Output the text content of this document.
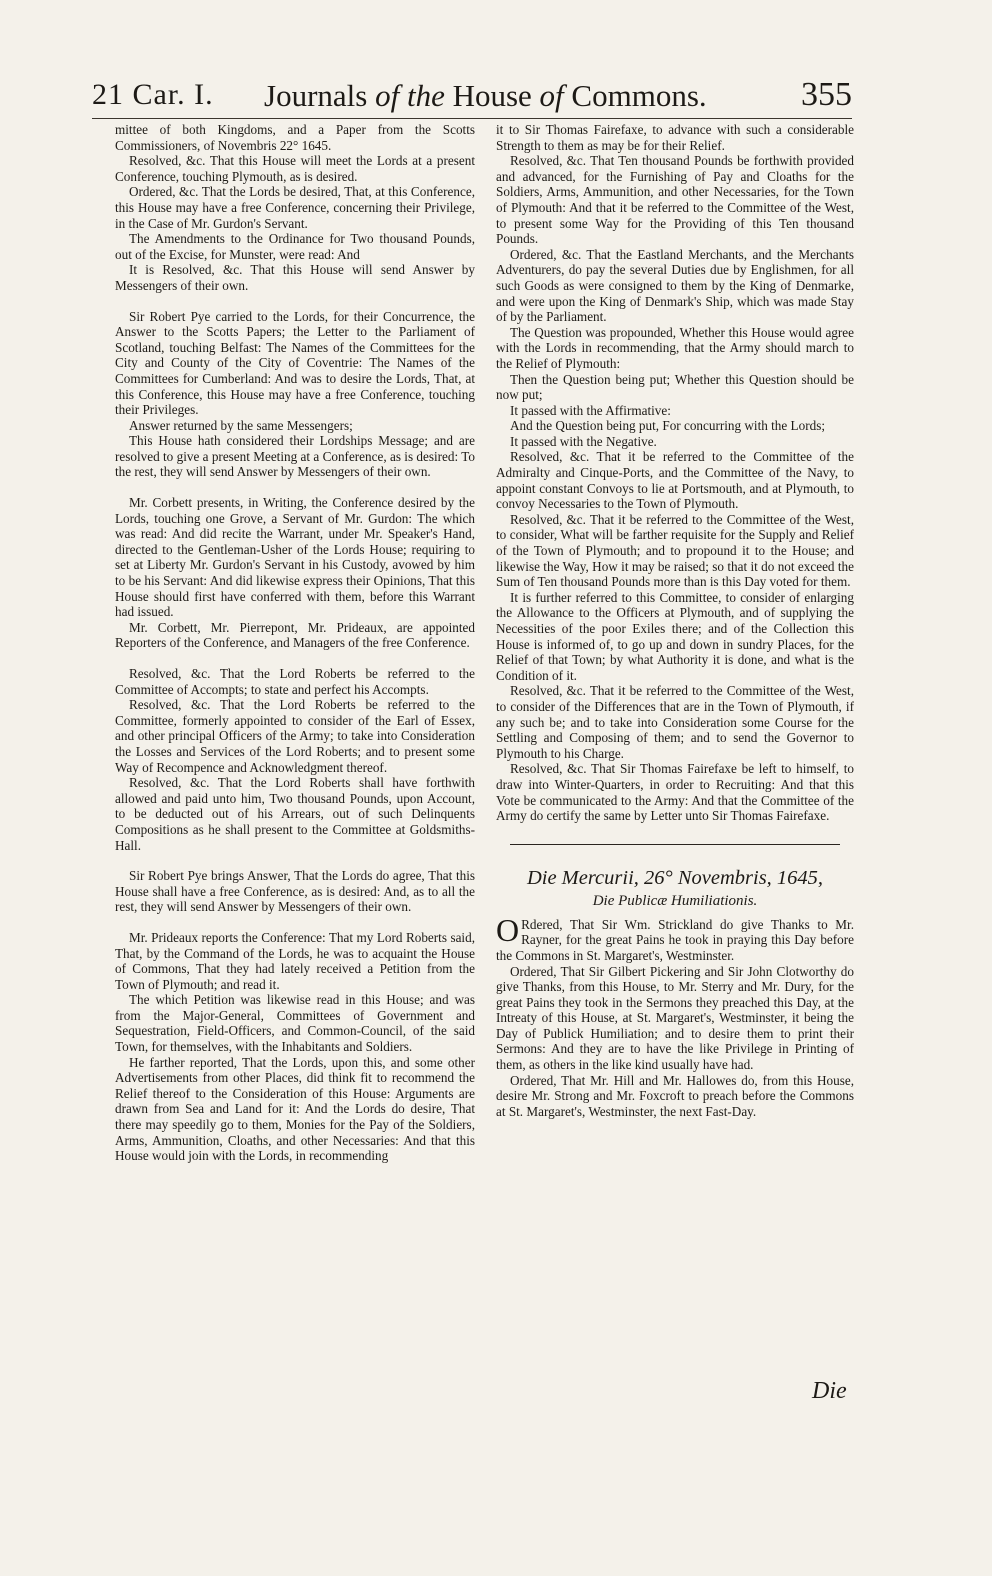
21 Car. I. Journals of the House of Commons.	355

mittee of both Kingdoms, and a Paper from the Scotts Commissioners, of Novembris 22° 1645.

Resolved, &c. That this House will meet the Lords at a present Conference, touching Plymouth, as is desired.

Ordered, &c. That the Lords be desired, That, at this Conference, this House may have a free Conference, concerning their Privilege, in the Case of Mr. Gurdon's Servant.

The Amendments to the Ordinance for Two thousand Pounds, out of the Excise, for Munster, were read: And

It is Resolved, &c. That this House will send Answer by Messengers of their own.

Sir Robert Pye carried to the Lords, for their Concurrence, the Answer to the Scotts Papers; the Letter to the Parliament of Scotland, touching Belfast: The Names of the Committees for the City and County of the City of Coventrie: The Names of the Committees for Cumberland: And was to desire the Lords, That, at this Conference, this House may have a free Conference, touching their Privileges.

Answer returned by the same Messengers;

This House hath considered their Lordships Message; and are resolved to give a present Meeting at a Conference, as is desired: To the rest, they will send Answer by Messengers of their own.

Mr. Corbett presents, in Writing, the Conference desired by the Lords, touching one Grove, a Servant of Mr. Gurdon: The which was read: And did recite the Warrant, under Mr. Speaker's Hand, directed to the Gentleman-Usher of the Lords House; requiring to set at Liberty Mr. Gurdon's Servant in his Custody, avowed by him to be his Servant: And did likewise express their Opinions, That this House should first have conferred with them, before this Warrant had issued.

Mr. Corbett, Mr. Pierrepont, Mr. Prideaux, are appointed Reporters of the Conference, and Managers of the free Conference.

Resolved, &c. That the Lord Roberts be referred to the Committee of Accompts; to state and perfect his Accompts.

Resolved, &c. That the Lord Roberts be referred to the Committee, formerly appointed to consider of the Earl of Essex, and other principal Officers of the Army; to take into Consideration the Losses and Services of the Lord Roberts; and to present some Way of Recompence and Acknowledgment thereof.

Resolved, &c. That the Lord Roberts shall have forthwith allowed and paid unto him, Two thousand Pounds, upon Account, to be deducted out of his Arrears, out of such Delinquents Compositions as he shall present to the Committee at Goldsmiths-Hall.

Sir Robert Pye brings Answer, That the Lords do agree, That this House shall have a free Conference, as is desired: And, as to all the rest, they will send Answer by Messengers of their own.

Mr. Prideaux reports the Conference: That my Lord Roberts said, That, by the Command of the Lords, he was to acquaint the House of Commons, That they had lately received a Petition from the Town of Plymouth; and read it.

The which Petition was likewise read in this House; and was from the Major-General, Committees of Government and Sequestration, Field-Officers, and Common-Council, of the said Town, for themselves, with the Inhabitants and Soldiers.

He farther reported, That the Lords, upon this, and some other Advertisements from other Places, did think fit to recommend the Relief thereof to the Consideration of this House: Arguments are drawn from Sea and Land for it: And the Lords do desire, That there may speedily go to them, Monies for the Pay of the Soldiers, Arms, Ammunition, Cloaths, and other Necessaries: And that this House would join with the Lords, in recommending

it to Sir Thomas Fairefaxe, to advance with such a considerable Strength to them as may be for their Relief.

Resolved, &c. That Ten thousand Pounds be forthwith provided and advanced, for the Furnishing of Pay and Cloaths for the Soldiers, Arms, Ammunition, and other Necessaries, for the Town of Plymouth: And that it be referred to the Committee of the West, to present some Way for the Providing of this Ten thousand Pounds.

Ordered, &c. That the Eastland Merchants, and the Merchants Adventurers, do pay the several Duties due by Englishmen, for all such Goods as were consigned to them by the King of Denmarke, and were upon the King of Denmark's Ship, which was made Stay of by the Parliament.

The Question was propounded, Whether this House would agree with the Lords in recommending, that the Army should march to the Relief of Plymouth:

Then the Question being put; Whether this Question should be now put;

It passed with the Affirmative:

And the Question being put, For concurring with the Lords;

It passed with the Negative.

Resolved, &c. That it be referred to the Committee of the Admiralty and Cinque-Ports, and the Committee of the Navy, to appoint constant Convoys to lie at Portsmouth, and at Plymouth, to convoy Necessaries to the Town of Plymouth.

Resolved, &c. That it be referred to the Committee of the West, to consider, What will be farther requisite for the Supply and Relief of the Town of Plymouth; and to propound it to the House; and likewise the Way, How it may be raised; so that it do not exceed the Sum of Ten thousand Pounds more than is this Day voted for them.

It is further referred to this Committee, to consider of enlarging the Allowance to the Officers at Plymouth, and of supplying the Necessities of the poor Exiles there; and of the Collection this House is informed of, to go up and down in sundry Places, for the Relief of that Town; by what Authority it is done, and what is the Condition of it.

Resolved, &c. That it be referred to the Committee of the West, to consider of the Differences that are in the Town of Plymouth, if any such be; and to take into Consideration some Course for the Settling and Composing of them; and to send the Governor to Plymouth to his Charge.

Resolved, &c. That Sir Thomas Fairefaxe be left to himself, to draw into Winter-Quarters, in order to Recruiting: And that this Vote be communicated to the Army: And that the Committee of the Army do certify the same by Letter unto Sir Thomas Fairefaxe.

Die Mercurii, 26° Novembris, 1645,
Die Publicæ Humiliationis.

O Rdered, That Sir Wm. Strickland do give Thanks to Mr. Rayner, for the great Pains he took in praying this Day before the Commons in St. Margaret's, Westminster.

Ordered, That Sir Gilbert Pickering and Sir John Clotworthy do give Thanks, from this House, to Mr. Sterry and Mr. Dury, for the great Pains they took in the Sermons they preached this Day, at the Intreaty of this House, at St. Margaret's, Westminster, it being the Day of Publick Humiliation; and to desire them to print their Sermons: And they are to have the like Privilege in Printing of them, as others in the like kind usually have had.

Ordered, That Mr. Hill and Mr. Hallowes do, from this House, desire Mr. Strong and Mr. Foxcroft to preach before the Commons at St. Margaret's, Westminster, the next Fast-Day.

Die
